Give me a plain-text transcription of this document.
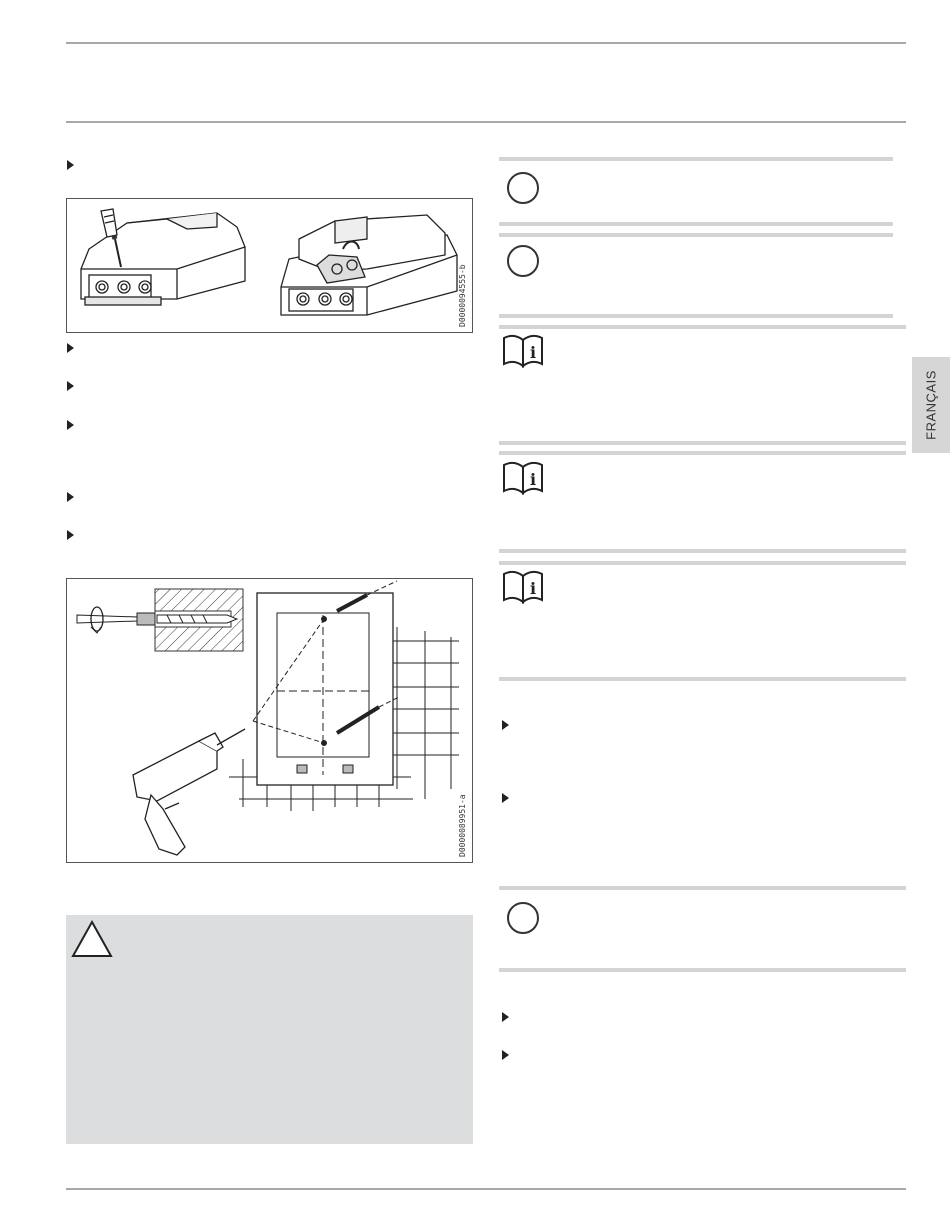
FRANÇAIS
D0000094555-b
D0000089951-a
i
i
i
